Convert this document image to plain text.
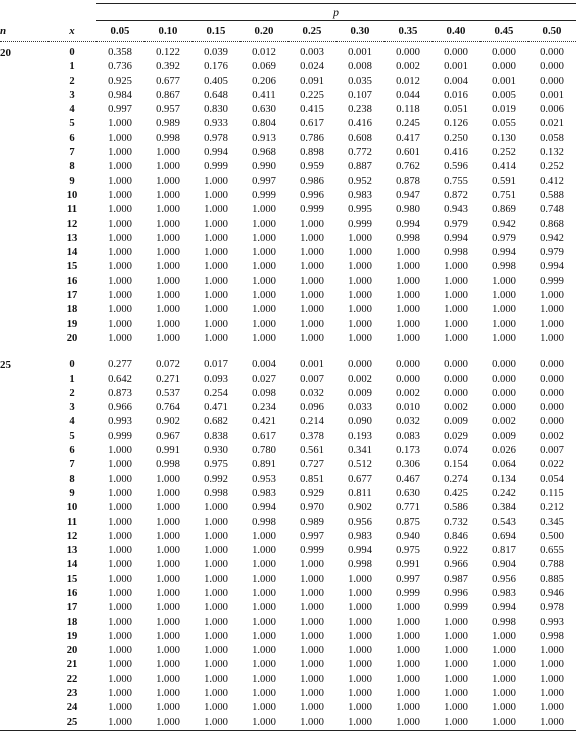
		p									
n	x	0.05	0.10	0.15	0.20	0.25	0.30	0.35	0.40	0.45	0.50
20	0	0.358	0.122	0.039	0.012	0.003	0.001	0.000	0.000	0.000	0.000
	1	0.736	0.392	0.176	0.069	0.024	0.008	0.002	0.001	0.000	0.000
	2	0.925	0.677	0.405	0.206	0.091	0.035	0.012	0.004	0.001	0.000
	3	0.984	0.867	0.648	0.411	0.225	0.107	0.044	0.016	0.005	0.001
	4	0.997	0.957	0.830	0.630	0.415	0.238	0.118	0.051	0.019	0.006
	5	1.000	0.989	0.933	0.804	0.617	0.416	0.245	0.126	0.055	0.021
	6	1.000	0.998	0.978	0.913	0.786	0.608	0.417	0.250	0.130	0.058
	7	1.000	1.000	0.994	0.968	0.898	0.772	0.601	0.416	0.252	0.132
	8	1.000	1.000	0.999	0.990	0.959	0.887	0.762	0.596	0.414	0.252
	9	1.000	1.000	1.000	0.997	0.986	0.952	0.878	0.755	0.591	0.412
	10	1.000	1.000	1.000	0.999	0.996	0.983	0.947	0.872	0.751	0.588
	11	1.000	1.000	1.000	1.000	0.999	0.995	0.980	0.943	0.869	0.748
	12	1.000	1.000	1.000	1.000	1.000	0.999	0.994	0.979	0.942	0.868
	13	1.000	1.000	1.000	1.000	1.000	1.000	0.998	0.994	0.979	0.942
	14	1.000	1.000	1.000	1.000	1.000	1.000	1.000	0.998	0.994	0.979
	15	1.000	1.000	1.000	1.000	1.000	1.000	1.000	1.000	0.998	0.994
	16	1.000	1.000	1.000	1.000	1.000	1.000	1.000	1.000	1.000	0.999
	17	1.000	1.000	1.000	1.000	1.000	1.000	1.000	1.000	1.000	1.000
	18	1.000	1.000	1.000	1.000	1.000	1.000	1.000	1.000	1.000	1.000
	19	1.000	1.000	1.000	1.000	1.000	1.000	1.000	1.000	1.000	1.000
	20	1.000	1.000	1.000	1.000	1.000	1.000	1.000	1.000	1.000	1.000

25	0	0.277	0.072	0.017	0.004	0.001	0.000	0.000	0.000	0.000	0.000
	1	0.642	0.271	0.093	0.027	0.007	0.002	0.000	0.000	0.000	0.000
	2	0.873	0.537	0.254	0.098	0.032	0.009	0.002	0.000	0.000	0.000
	3	0.966	0.764	0.471	0.234	0.096	0.033	0.010	0.002	0.000	0.000
	4	0.993	0.902	0.682	0.421	0.214	0.090	0.032	0.009	0.002	0.000
	5	0.999	0.967	0.838	0.617	0.378	0.193	0.083	0.029	0.009	0.002
	6	1.000	0.991	0.930	0.780	0.561	0.341	0.173	0.074	0.026	0.007
	7	1.000	0.998	0.975	0.891	0.727	0.512	0.306	0.154	0.064	0.022
	8	1.000	1.000	0.992	0.953	0.851	0.677	0.467	0.274	0.134	0.054
	9	1.000	1.000	0.998	0.983	0.929	0.811	0.630	0.425	0.242	0.115
	10	1.000	1.000	1.000	0.994	0.970	0.902	0.771	0.586	0.384	0.212
	11	1.000	1.000	1.000	0.998	0.989	0.956	0.875	0.732	0.543	0.345
	12	1.000	1.000	1.000	1.000	0.997	0.983	0.940	0.846	0.694	0.500
	13	1.000	1.000	1.000	1.000	0.999	0.994	0.975	0.922	0.817	0.655
	14	1.000	1.000	1.000	1.000	1.000	0.998	0.991	0.966	0.904	0.788
	15	1.000	1.000	1.000	1.000	1.000	1.000	0.997	0.987	0.956	0.885
	16	1.000	1.000	1.000	1.000	1.000	1.000	0.999	0.996	0.983	0.946
	17	1.000	1.000	1.000	1.000	1.000	1.000	1.000	0.999	0.994	0.978
	18	1.000	1.000	1.000	1.000	1.000	1.000	1.000	1.000	0.998	0.993
	19	1.000	1.000	1.000	1.000	1.000	1.000	1.000	1.000	1.000	0.998
	20	1.000	1.000	1.000	1.000	1.000	1.000	1.000	1.000	1.000	1.000
	21	1.000	1.000	1.000	1.000	1.000	1.000	1.000	1.000	1.000	1.000
	22	1.000	1.000	1.000	1.000	1.000	1.000	1.000	1.000	1.000	1.000
	23	1.000	1.000	1.000	1.000	1.000	1.000	1.000	1.000	1.000	1.000
	24	1.000	1.000	1.000	1.000	1.000	1.000	1.000	1.000	1.000	1.000
	25	1.000	1.000	1.000	1.000	1.000	1.000	1.000	1.000	1.000	1.000
